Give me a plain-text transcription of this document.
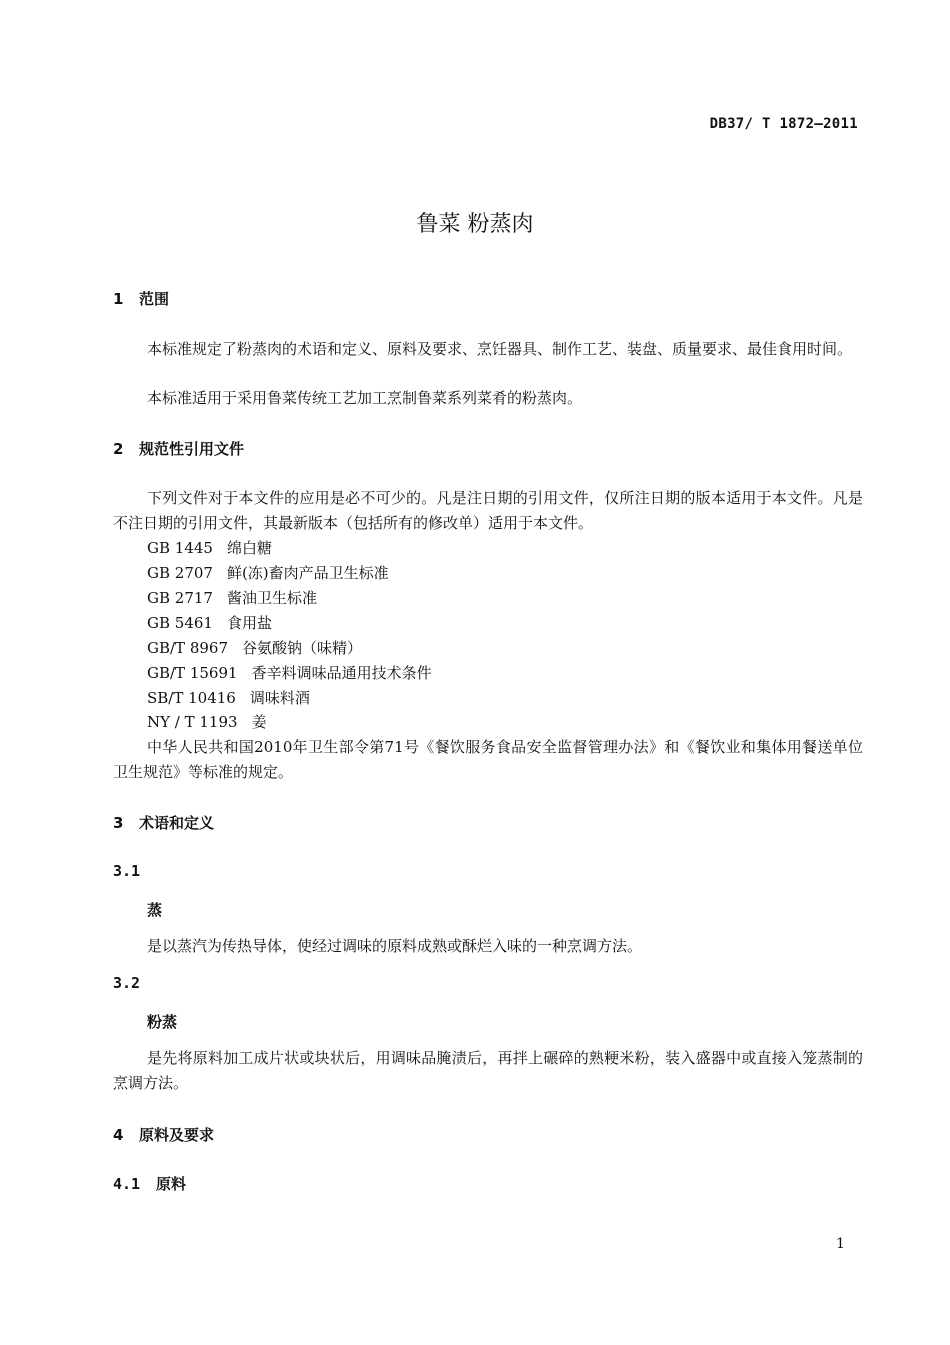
DB37/ T 1872—2011
鲁菜 粉蒸肉
1 范围
本标准规定了粉蒸肉的术语和定义、原料及要求、烹饪器具、制作工艺、装盘、质量要求、最佳食用时间。
本标准适用于采用鲁菜传统工艺加工烹制鲁菜系列菜肴的粉蒸肉。
2 规范性引用文件
下列文件对于本文件的应用是必不可少的。凡是注日期的引用文件，仅所注日期的版本适用于本文件。凡是不注日期的引用文件，其最新版本（包括所有的修改单）适用于本文件。
GB 1445 绵白糖
GB 2707 鲜(冻)畜肉产品卫生标准
GB 2717 酱油卫生标准
GB 5461 食用盐
GB/T 8967 谷氨酸钠（味精）
GB/T 15691 香辛料调味品通用技术条件
SB/T 10416 调味料酒
NY / T 1193 姜
中华人民共和国2010年卫生部令第71号《餐饮服务食品安全监督管理办法》和《餐饮业和集体用餐送单位卫生规范》等标准的规定。
3 术语和定义
3.1
蒸
是以蒸汽为传热导体，使经过调味的原料成熟或酥烂入味的一种烹调方法。
3.2
粉蒸
是先将原料加工成片状或块状后，用调味品腌渍后，再拌上碾碎的熟粳米粉，装入盛器中或直接入笼蒸制的烹调方法。
4 原料及要求
4.1 原料
1
